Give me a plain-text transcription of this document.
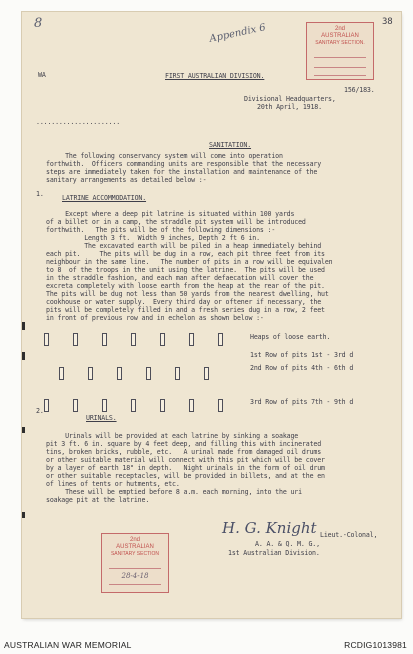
8	Appendix 6
38
2nd
AUSTRALIAN
SANITARY SECTION.
WA	FIRST AUSTRALIAN DIVISION.
156/183.
Divisional Headquarters,
20th April, 1918.
......................
SANITATION.
The following conservancy system will come into operation
forthwith.  Officers commanding units are responsible that the necessary
steps are immediately taken for the installation and maintenance of the
sanitary arrangements as detailed below :-
1.	LATRINE ACCOMMODATION.
Except where a deep pit latrine is situated within 100 yards
of a billet or in a camp, the straddle pit system will be introduced
forthwith.   The pits will be of the following dimensions :-
Length 3 ft.  Width 9 inches, Depth 2 ft 6 in.
The excavated earth will be piled in a heap immediately behind
each pit.     The pits will be dug in a row, each pit three feet from its
neighbour in the same line.   The number of pits in a row will be equivalen
to 8  of the troops in the unit using the latrine.  The pits will be used
in the straddle fashion, and each man after defaecation will cover the
excreta completely with loose earth from the heap at the rear of the pit.
The pits will be dug not less than 50 yards from the nearest dwelling, hut
cookhouse or water supply.  Every third day or oftener if necessary, the
pits will be completely filled in and a fresh series dug in a row, 2 feet
in front of previous row and in echelon as shown below :-
Heaps of loose earth.
1st Row of pits 1st - 3rd d
2nd Row of pits 4th - 6th d
3rd Row of pits 7th - 9th d
2.
URINALS.
Urinals will be provided at each latrine by sinking a soakage
pit 3 ft. 6 in. square by 4 feet deep, and filling this with incinerated
tins, broken bricks, rubble, etc.   A urinal made from damaged oil drums
or other suitable material will connect with this pit which will be cover
by a layer of earth 18" in depth.   Night urinals in the form of oil drum
or other suitable receptacles, will be provided in billets, and at the en
of lines of tents or hutments, etc.
These will be emptied before 8 a.m. each morning, into the uri
soakage pit at the latrine.
H. G. Knight Lieut.-Colonal,
A. A. & Q. M. G.,
1st Australian Division.
2nd
AUSTRALIAN
SANITARY SECTION
28-4-18
AUSTRALIAN WAR MEMORIAL	RCDIG1013981
